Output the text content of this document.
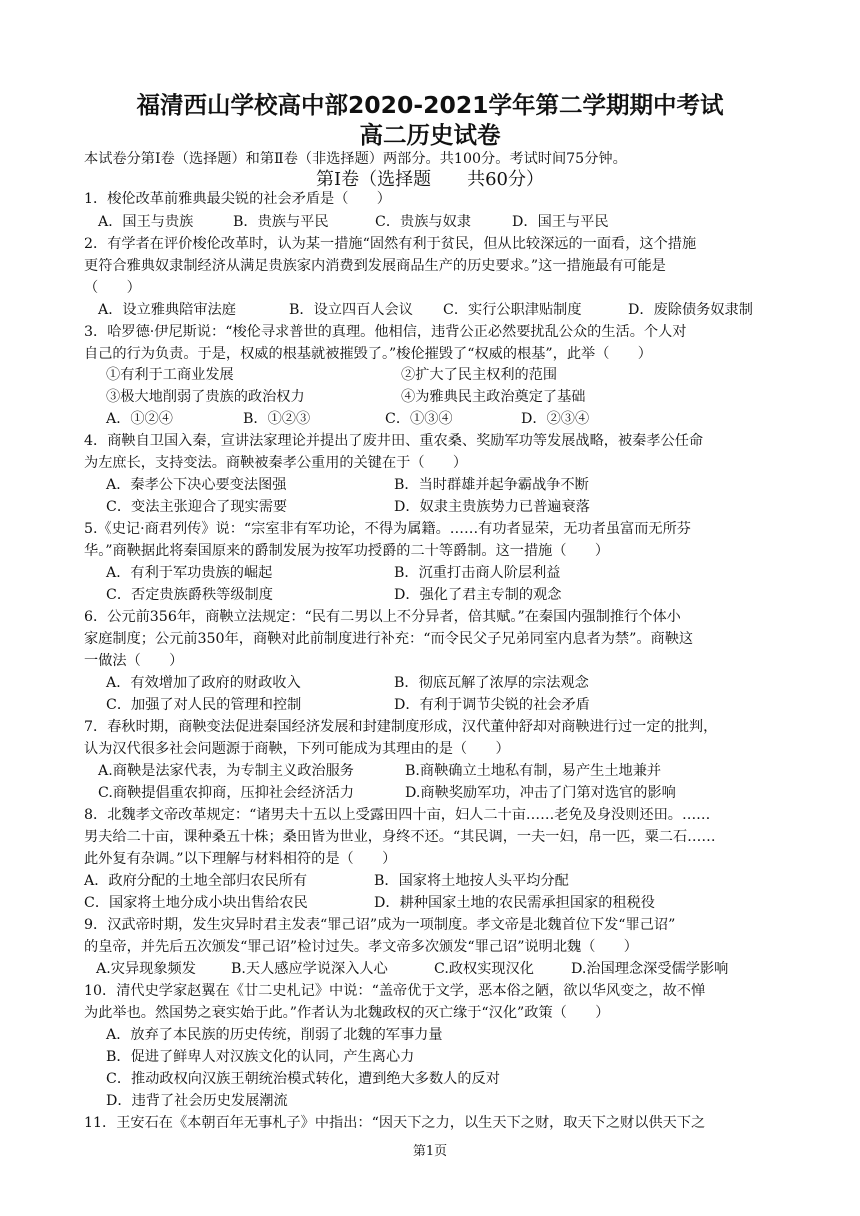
福清西山学校高中部2020-2021学年第二学期期中考试
高二历史试卷
本试卷分第Ⅰ卷（选择题）和第Ⅱ卷（非选择题）两部分。共100分。考试时间75分钟。
第Ⅰ卷（选择题　　共60分）
1．梭伦改革前雅典最尖锐的社会矛盾是（　　）
A．国王与贵族	B．贵族与平民	C．贵族与奴隶	D．国王与平民
2．有学者在评价梭伦改革时，认为某一措施“固然有利于贫民，但从比较深远的一面看，这个措施
更符合雅典奴隶制经济从满足贵族家内消费到发展商品生产的历史要求。”这一措施最有可能是
（　　）
A．设立雅典陪审法庭	B．设立四百人会议 C．实行公职津贴制度	D．废除债务奴隶制
3．哈罗德·伊尼斯说：“梭伦寻求普世的真理。他相信，违背公正必然要扰乱公众的生活。个人对
自己的行为负责。于是，权威的根基就被摧毁了。”梭伦摧毁了“权威的根基”，此举（　　）
①有利于工商业发展	②扩大了民主权利的范围
③极大地削弱了贵族的政治权力	④为雅典民主政治奠定了基础
A．①②④	B．①②③	C．①③④	D．②③④
4．商鞅自卫国入秦，宣讲法家理论并提出了废井田、重农桑、奖励军功等发展战略，被秦孝公任命
为左庶长，支持变法。商鞅被秦孝公重用的关键在于（　　）
A．秦孝公下决心要变法图强	B．当时群雄并起争霸战争不断
C．变法主张迎合了现实需要	D．奴隶主贵族势力已普遍衰落
5.《史记·商君列传》说：“宗室非有军功论，不得为属籍。……有功者显荣，无功者虽富而无所芬
华。”商鞅据此将秦国原来的爵制发展为按军功授爵的二十等爵制。这一措施（　　）
A．有利于军功贵族的崛起	B．沉重打击商人阶层利益
C．否定贵族爵秩等级制度	D．强化了君主专制的观念
6．公元前356年，商鞅立法规定：“民有二男以上不分异者，倍其赋。”在秦国内强制推行个体小
家庭制度；公元前350年，商鞅对此前制度进行补充：“而令民父子兄弟同室内息者为禁”。商鞅这
一做法（　　）
A．有效增加了政府的财政收入	B．彻底瓦解了浓厚的宗法观念
C．加强了对人民的管理和控制	D．有利于调节尖锐的社会矛盾
7．春秋时期，商鞅变法促进秦国经济发展和封建制度形成，汉代董仲舒却对商鞅进行过一定的批判，
认为汉代很多社会问题源于商鞅，下列可能成为其理由的是（　　）
A.商鞅是法家代表，为专制主义政治服务	B.商鞅确立土地私有制，易产生土地兼并
C.商鞅提倡重农抑商，压抑社会经济活力	D.商鞅奖励军功，冲击了门第对选官的影响
8．北魏孝文帝改革规定：“诸男夫十五以上受露田四十亩，妇人二十亩……老免及身没则还田。……
男夫给二十亩，课种桑五十株；桑田皆为世业，身终不还。“其民调，一夫一妇，帛一匹，粟二石……
此外复有杂调。”以下理解与材料相符的是（　　）
A．政府分配的土地全部归农民所有	B．国家将土地按人头平均分配
C．国家将土地分成小块出售给农民	D．耕种国家土地的农民需承担国家的租税役
9．汉武帝时期，发生灾异时君主发表“罪己诏”成为一项制度。孝文帝是北魏首位下发“罪己诏”
的皇帝，并先后五次颁发“罪己诏”检讨过失。孝文帝多次颁发“罪己诏”说明北魏（　　）
A.灾异现象频发 B.天人感应学说深入人心	C.政权实现汉化	D.治国理念深受儒学影响
10．清代史学家赵翼在《廿二史札记》中说：“盖帝优于文学，恶本俗之陋，欲以华风变之，故不惮
为此举也。然国势之衰实始于此。”作者认为北魏政权的灭亡缘于“汉化”政策（　　）
A．放弃了本民族的历史传统，削弱了北魏的军事力量
B．促进了鲜卑人对汉族文化的认同，产生离心力
C．推动政权向汉族王朝统治模式转化，遭到绝大多数人的反对
D．违背了社会历史发展潮流
11．王安石在《本朝百年无事札子》中指出：“因天下之力，以生天下之财，取天下之财以供天下之
第1页
